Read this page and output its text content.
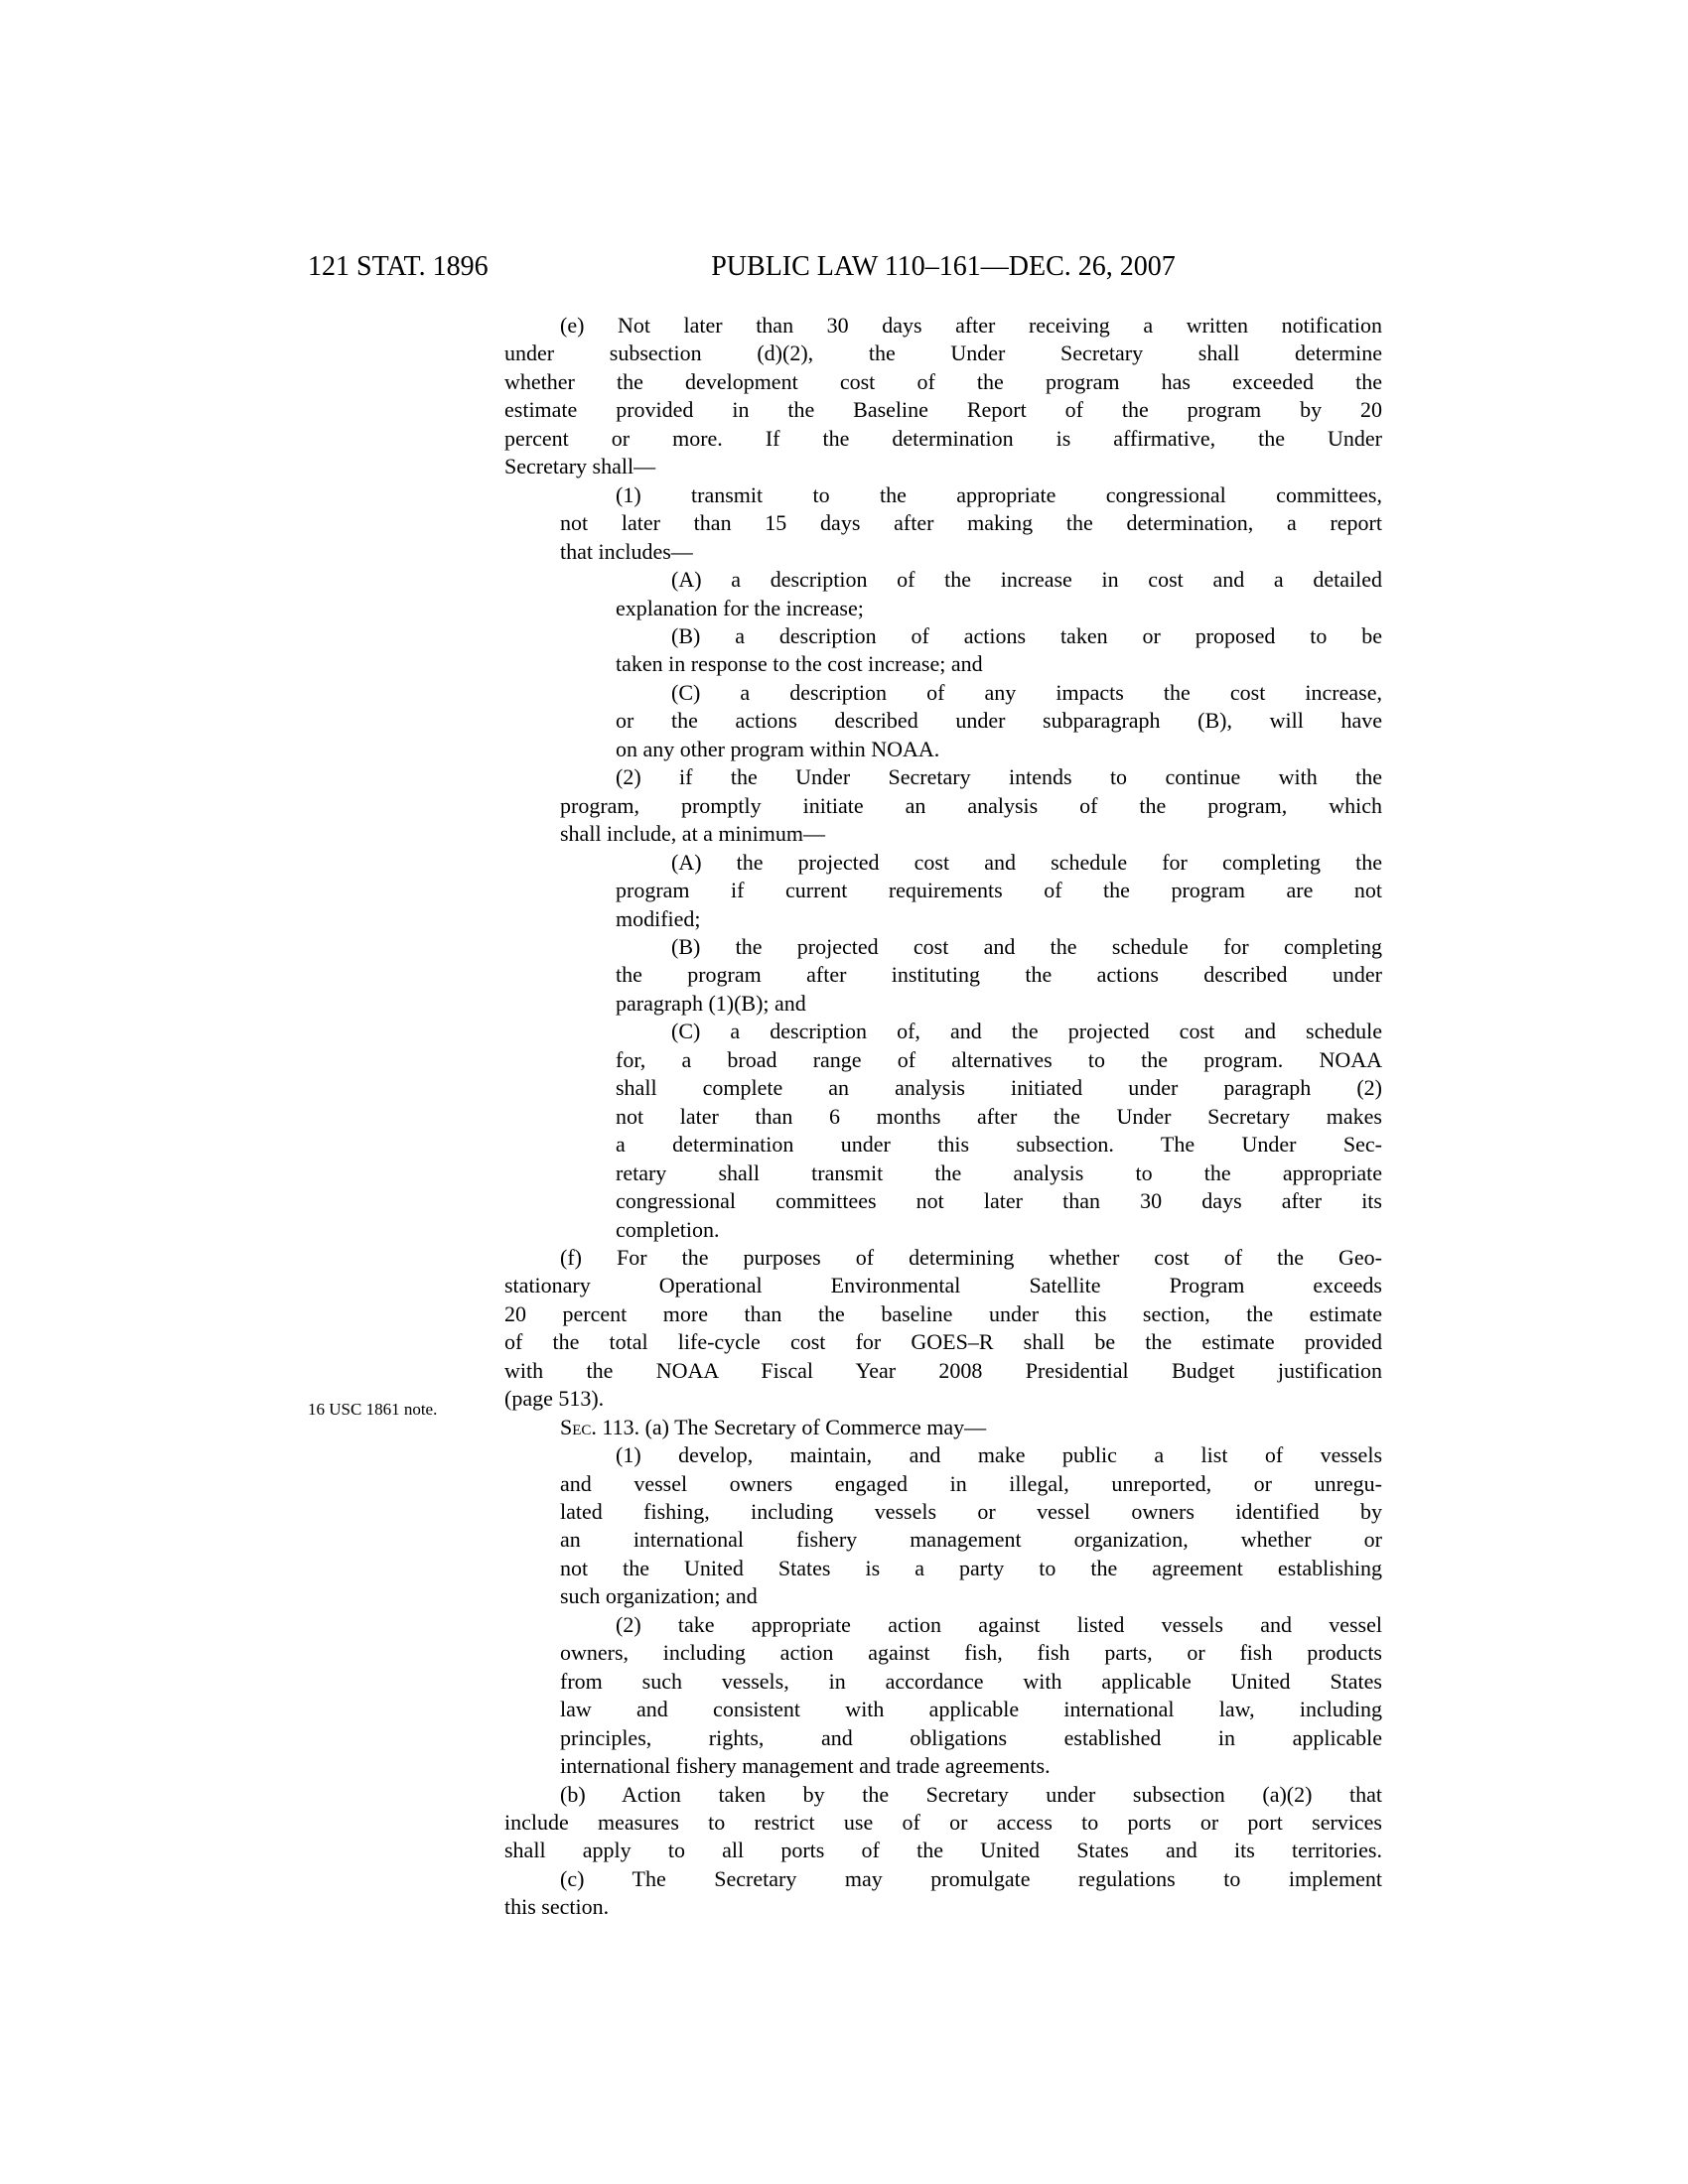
121 STAT. 1896	PUBLIC LAW 110–161—DEC. 26, 2007
16 USC 1861 note.
(e) Not later than 30 days after receiving a written notification
under subsection (d)(2), the Under Secretary shall determine
whether the development cost of the program has exceeded the
estimate provided in the Baseline Report of the program by 20
percent or more. If the determination is affirmative, the Under
Secretary shall—
(1) transmit to the appropriate congressional committees,
not later than 15 days after making the determination, a report
that includes—
(A) a description of the increase in cost and a detailed
explanation for the increase;
(B) a description of actions taken or proposed to be
taken in response to the cost increase; and
(C) a description of any impacts the cost increase,
or the actions described under subparagraph (B), will have
on any other program within NOAA.
(2) if the Under Secretary intends to continue with the
program, promptly initiate an analysis of the program, which
shall include, at a minimum—
(A) the projected cost and schedule for completing the
program if current requirements of the program are not
modified;
(B) the projected cost and the schedule for completing
the program after instituting the actions described under
paragraph (1)(B); and
(C) a description of, and the projected cost and schedule
for, a broad range of alternatives to the program. NOAA
shall complete an analysis initiated under paragraph (2)
not later than 6 months after the Under Secretary makes
a determination under this subsection. The Under Sec-
retary shall transmit the analysis to the appropriate
congressional committees not later than 30 days after its
completion.
(f) For the purposes of determining whether cost of the Geo-
stationary Operational Environmental Satellite Program exceeds
20 percent more than the baseline under this section, the estimate
of the total life-cycle cost for GOES–R shall be the estimate provided
with the NOAA Fiscal Year 2008 Presidential Budget justification
(page 513).
Sec. 113. (a) The Secretary of Commerce may—
(1) develop, maintain, and make public a list of vessels
and vessel owners engaged in illegal, unreported, or unregu-
lated fishing, including vessels or vessel owners identified by
an international fishery management organization, whether or
not the United States is a party to the agreement establishing
such organization; and
(2) take appropriate action against listed vessels and vessel
owners, including action against fish, fish parts, or fish products
from such vessels, in accordance with applicable United States
law and consistent with applicable international law, including
principles, rights, and obligations established in applicable
international fishery management and trade agreements.
(b) Action taken by the Secretary under subsection (a)(2) that
include measures to restrict use of or access to ports or port services
shall apply to all ports of the United States and its territories.
(c) The Secretary may promulgate regulations to implement
this section.
